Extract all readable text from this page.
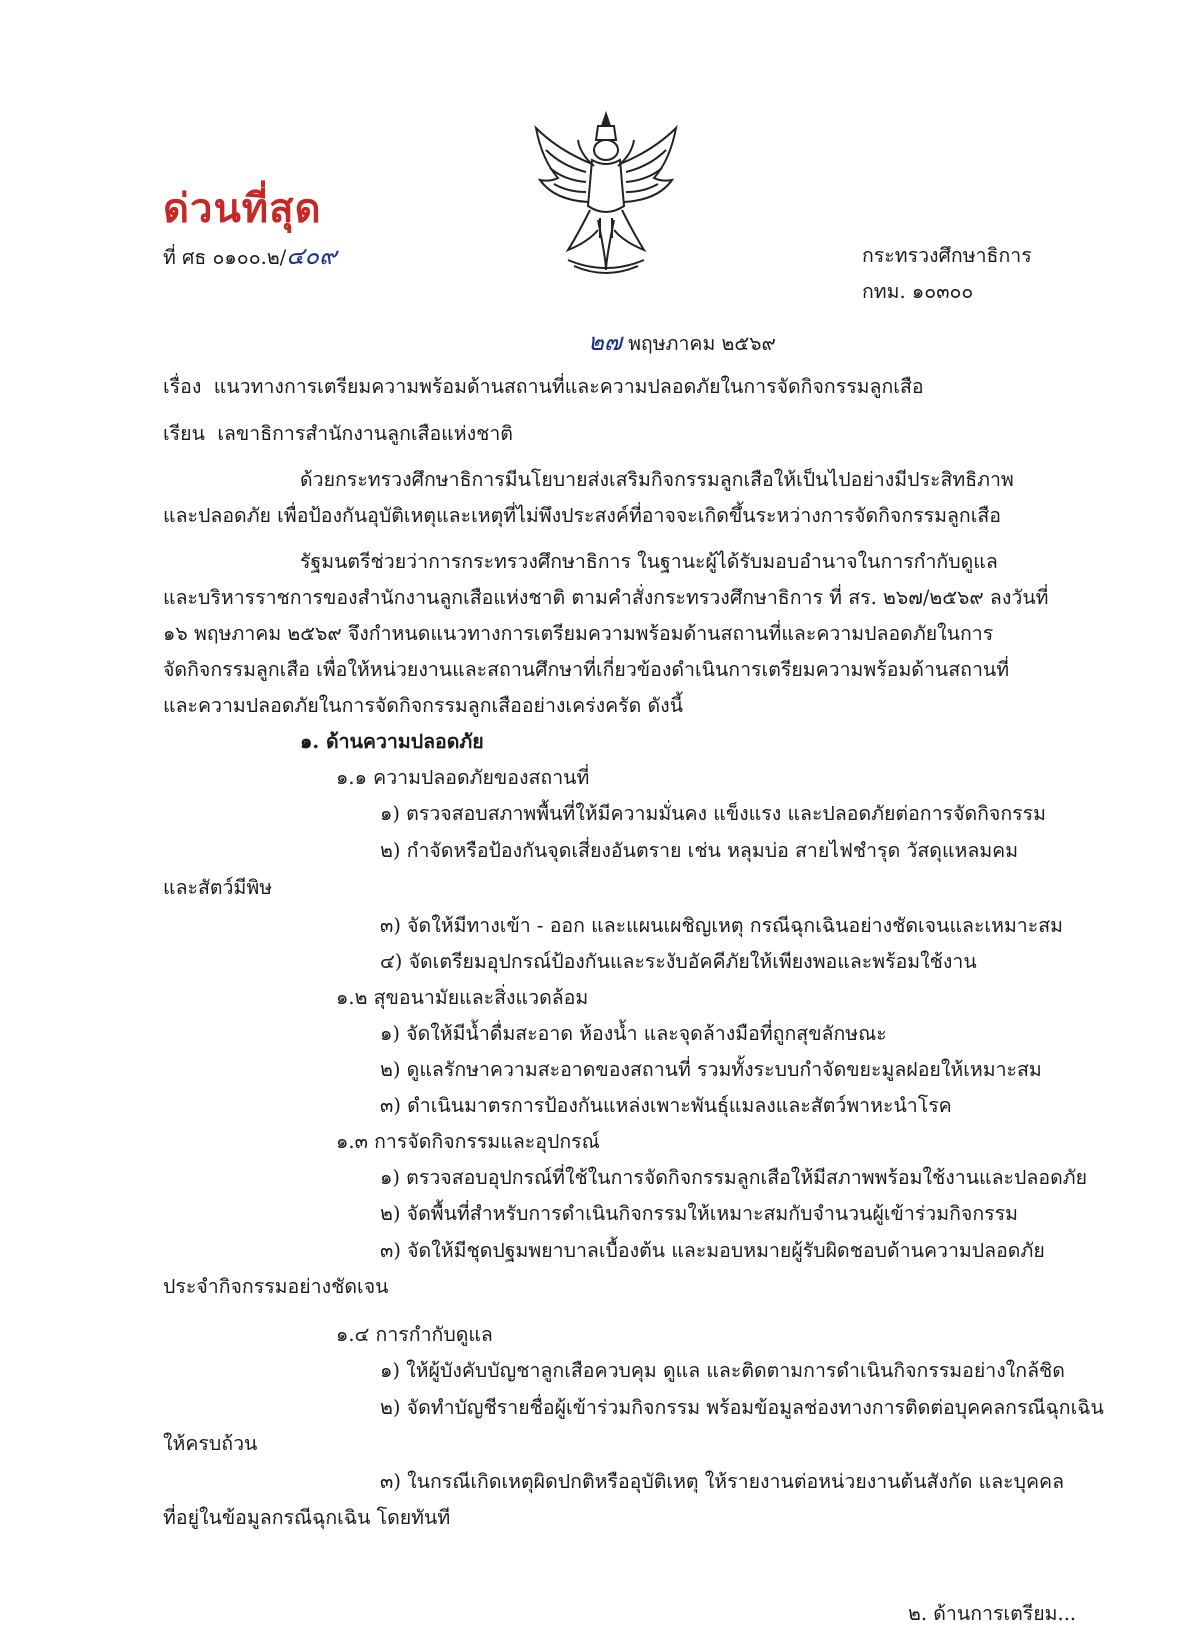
ด่วนที่สุด
ที่ ศธ ๐๑๐๐.๒/๔๐๙	กระทรวงศึกษาธิการ
กทม. ๑๐๓๐๐
๒๗ พฤษภาคม ๒๕๖๙
เรื่อง แนวทางการเตรียมความพร้อมด้านสถานที่และความปลอดภัยในการจัดกิจกรรมลูกเสือ
เรียน เลขาธิการสำนักงานลูกเสือแห่งชาติ
ด้วยกระทรวงศึกษาธิการมีนโยบายส่งเสริมกิจกรรมลูกเสือให้เป็นไปอย่างมีประสิทธิภาพ
และปลอดภัย เพื่อป้องกันอุบัติเหตุและเหตุที่ไม่พึงประสงค์ที่อาจจะเกิดขึ้นระหว่างการจัดกิจกรรมลูกเสือ
รัฐมนตรีช่วยว่าการกระทรวงศึกษาธิการ ในฐานะผู้ได้รับมอบอำนาจในการกำกับดูแล
และบริหารราชการของสำนักงานลูกเสือแห่งชาติ ตามคำสั่งกระทรวงศึกษาธิการ ที่ สร. ๒๖๗/๒๕๖๙ ลงวันที่
๑๖ พฤษภาคม ๒๕๖๙ จึงกำหนดแนวทางการเตรียมความพร้อมด้านสถานที่และความปลอดภัยในการ
จัดกิจกรรมลูกเสือ เพื่อให้หน่วยงานและสถานศึกษาที่เกี่ยวข้องดำเนินการเตรียมความพร้อมด้านสถานที่
และความปลอดภัยในการจัดกิจกรรมลูกเสืออย่างเคร่งครัด ดังนี้
๑. ด้านความปลอดภัย
๑.๑ ความปลอดภัยของสถานที่
๑) ตรวจสอบสภาพพื้นที่ให้มีความมั่นคง แข็งแรง และปลอดภัยต่อการจัดกิจกรรม
๒) กำจัดหรือป้องกันจุดเสี่ยงอันตราย เช่น หลุมบ่อ สายไฟชำรุด วัสดุแหลมคม
และสัตว์มีพิษ
๓) จัดให้มีทางเข้า - ออก และแผนเผชิญเหตุ กรณีฉุกเฉินอย่างชัดเจนและเหมาะสม
๔) จัดเตรียมอุปกรณ์ป้องกันและระงับอัคคีภัยให้เพียงพอและพร้อมใช้งาน
๑.๒ สุขอนามัยและสิ่งแวดล้อม
๑) จัดให้มีน้ำดื่มสะอาด ห้องน้ำ และจุดล้างมือที่ถูกสุขลักษณะ
๒) ดูแลรักษาความสะอาดของสถานที่ รวมทั้งระบบกำจัดขยะมูลฝอยให้เหมาะสม
๓) ดำเนินมาตรการป้องกันแหล่งเพาะพันธุ์แมลงและสัตว์พาหะนำโรค
๑.๓ การจัดกิจกรรมและอุปกรณ์
๑) ตรวจสอบอุปกรณ์ที่ใช้ในการจัดกิจกรรมลูกเสือให้มีสภาพพร้อมใช้งานและปลอดภัย
๒) จัดพื้นที่สำหรับการดำเนินกิจกรรมให้เหมาะสมกับจำนวนผู้เข้าร่วมกิจกรรม
๓) จัดให้มีชุดปฐมพยาบาลเบื้องต้น และมอบหมายผู้รับผิดชอบด้านความปลอดภัย
ประจำกิจกรรมอย่างชัดเจน
๑.๔ การกำกับดูแล
๑) ให้ผู้บังคับบัญชาลูกเสือควบคุม ดูแล และติดตามการดำเนินกิจกรรมอย่างใกล้ชิด
๒) จัดทำบัญชีรายชื่อผู้เข้าร่วมกิจกรรม พร้อมข้อมูลช่องทางการติดต่อบุคคลกรณีฉุกเฉิน
ให้ครบถ้วน
๓) ในกรณีเกิดเหตุผิดปกติหรืออุบัติเหตุ ให้รายงานต่อหน่วยงานต้นสังกัด และบุคคล
ที่อยู่ในข้อมูลกรณีฉุกเฉิน โดยทันที
๒. ด้านการเตรียม...
